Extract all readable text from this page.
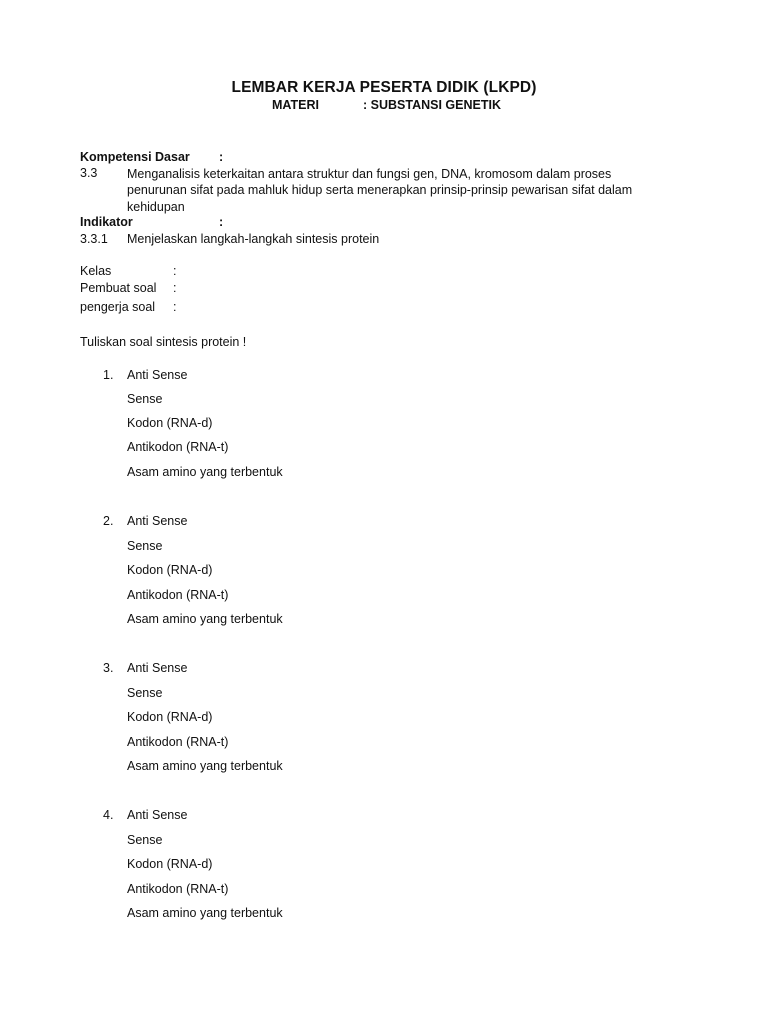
LEMBAR KERJA PESERTA DIDIK (LKPD)
MATERI	: SUBSTANSI GENETIK
Kompetensi Dasar :
3.3 Menganalisis keterkaitan antara struktur dan fungsi gen, DNA, kromosom dalam proses penurunan sifat pada mahluk hidup serta menerapkan prinsip-prinsip pewarisan sifat dalam kehidupan
Indikator	:
3.3.1 Menjelaskan langkah-langkah sintesis protein
Kelas	:
Pembuat soal :
pengerja soal :
Tuliskan soal sintesis protein !
1. Anti Sense
Sense
Kodon (RNA-d)
Antikodon (RNA-t)
Asam amino yang terbentuk
2. Anti Sense
Sense
Kodon (RNA-d)
Antikodon (RNA-t)
Asam amino yang terbentuk
3. Anti Sense
Sense
Kodon (RNA-d)
Antikodon (RNA-t)
Asam amino yang terbentuk
4. Anti Sense
Sense
Kodon (RNA-d)
Antikodon (RNA-t)
Asam amino yang terbentuk
